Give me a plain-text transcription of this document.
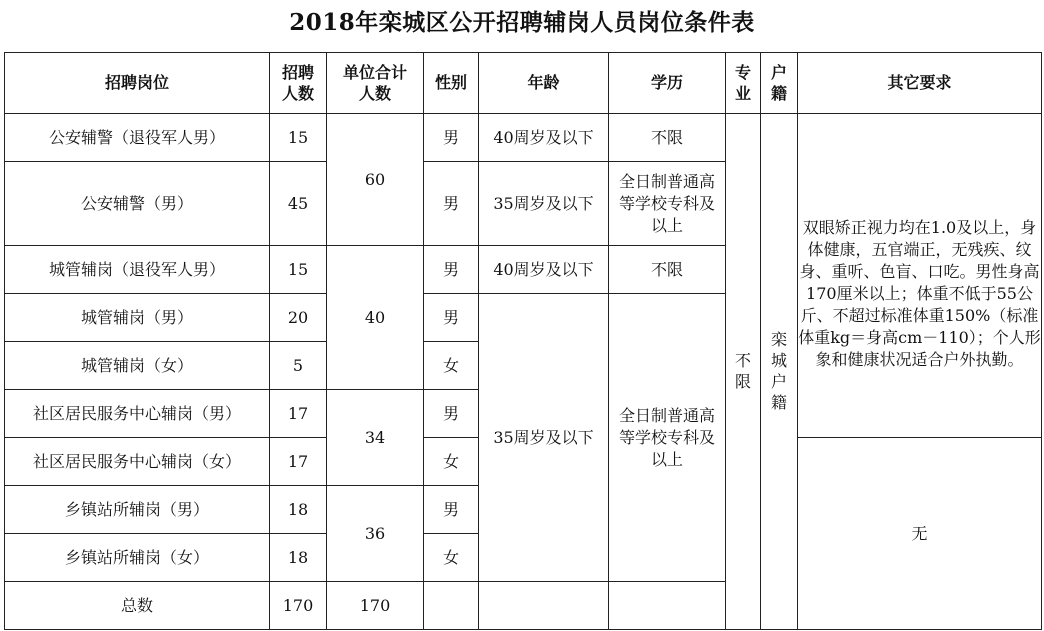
2018年栾城区公开招聘辅岗人员岗位条件表
招聘岗位	招聘人数	单位合计人数	性别	年龄	学历	专业	户籍	其它要求
公安辅警（退役军人男）	15	60	男	40周岁及以下	不限	不限	栾城户籍	双眼矫正视力均在1.0及以上，身体健康，五官端正，无残疾、纹身、重听、色盲、口吃。男性身高170厘米以上；体重不低于55公斤、不超过标准体重150%（标准体重kg＝身高cm－110）；个人形象和健康状况适合户外执勤。

公安辅警（男）	45		男	35周岁及以下	全日制普通高等学校专科及以上			
城管辅岗（退役军人男）	15	40	男	40周岁及以下	不限			
城管辅岗（男）	20		男	35周岁及以下	全日制普通高等学校专科及以上			
城管辅岗（女）	5		女					
社区居民服务中心辅岗（男）	17	34	男					
社区居民服务中心辅岗（女）	17		女					无
乡镇站所辅岗（男）	18	36	男					
乡镇站所辅岗（女）	18		女					
总数	170	170						
